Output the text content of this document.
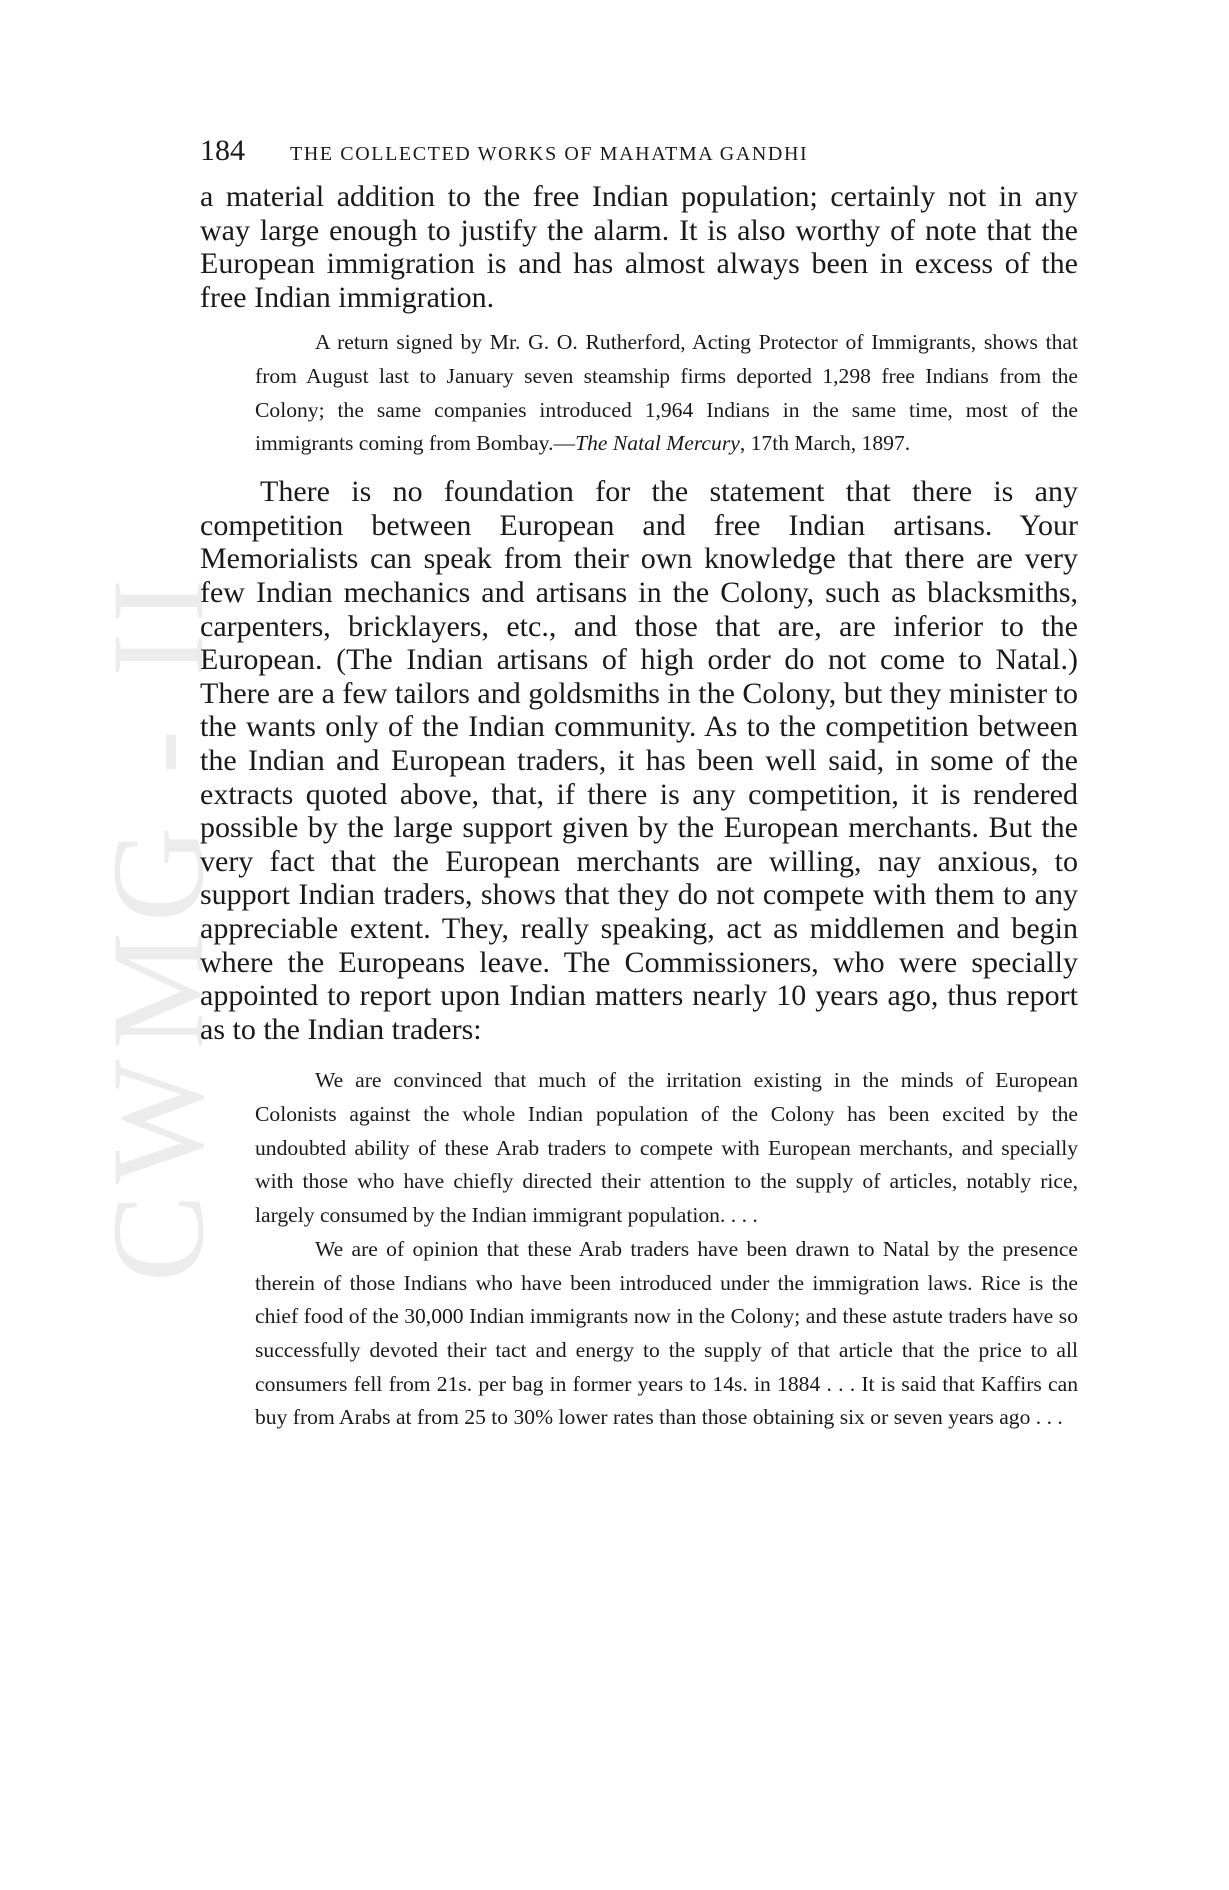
CWMG - II
184	THE COLLECTED WORKS OF MAHATMA GANDHI

a material addition to the free Indian population; certainly not in any way large enough to justify the alarm. It is also worthy of note that the European immigration is and has almost always been in excess of the free Indian immigration.

A return signed by Mr. G. O. Rutherford, Acting Protector of Immigrants, shows that from August last to January seven steamship firms deported 1,298 free Indians from the Colony; the same companies introduced 1,964 Indians in the same time, most of the immigrants coming from Bombay.—The Natal Mercury, 17th March, 1897.

There is no foundation for the statement that there is any competition between European and free Indian artisans. Your Memorialists can speak from their own knowledge that there are very few Indian mechanics and artisans in the Colony, such as blacksmiths, carpenters, bricklayers, etc., and those that are, are inferior to the European. (The Indian artisans of high order do not come to Natal.) There are a few tailors and goldsmiths in the Colony, but they minister to the wants only of the Indian community. As to the competition between the Indian and European traders, it has been well said, in some of the extracts quoted above, that, if there is any competition, it is rendered possible by the large support given by the European merchants. But the very fact that the European merchants are willing, nay anxious, to support Indian traders, shows that they do not compete with them to any appreciable extent. They, really speaking, act as middlemen and begin where the Europeans leave. The Commissioners, who were specially appointed to report upon Indian matters nearly 10 years ago, thus report as to the Indian traders:

We are convinced that much of the irritation existing in the minds of European Colonists against the whole Indian population of the Colony has been excited by the undoubted ability of these Arab traders to compete with European merchants, and specially with those who have chiefly directed their attention to the supply of articles, notably rice, largely consumed by the Indian immigrant population. . . .

We are of opinion that these Arab traders have been drawn to Natal by the presence therein of those Indians who have been introduced under the immigration laws. Rice is the chief food of the 30,000 Indian immigrants now in the Colony; and these astute traders have so successfully devoted their tact and energy to the supply of that article that the price to all consumers fell from 21s. per bag in former years to 14s. in 1884 . . . It is said that Kaffirs can buy from Arabs at from 25 to 30% lower rates than those obtaining six or seven years ago . . .
